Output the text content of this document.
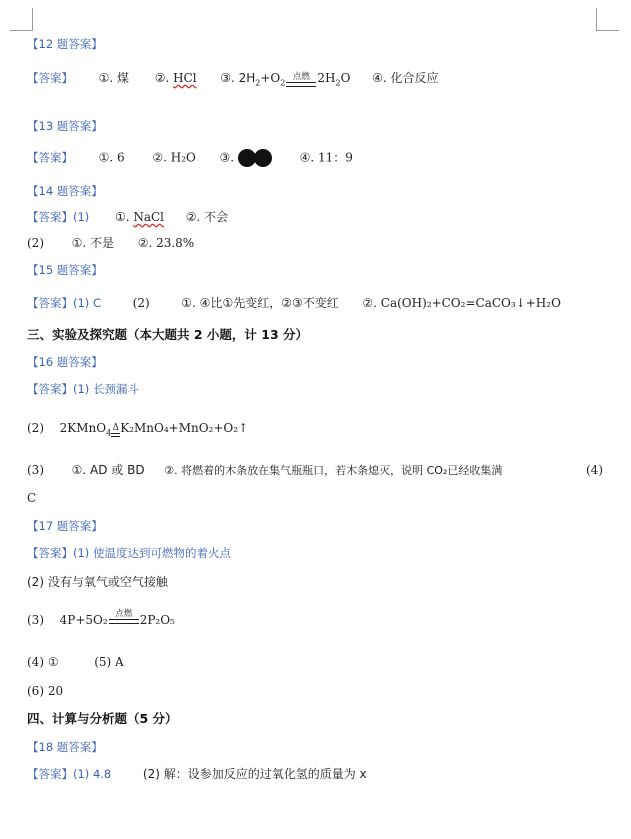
【12 题答案】
【答案】 ①. 煤 ②. HCl ③. $2H_2+O_2$
点燃 $2H_2O$ ④. 化合反应
【13 题答案】
【答案】 ①. 6 ②. H₂O ③.	④. 11：9
【14 题答案】
【答案】(1) ①. NaCl ②. 不会
(2) ①. 不是 ②. 23.8%
【15 题答案】
【答案】(1) C	(2)	①. ④比①先变红，②③不变红 ②. Ca(OH)₂+CO₂=CaCO₃↓+H₂O
三、实验及探究题（本大题共 2 小题，计 13 分）
【16 题答案】
【答案】(1) 长颈漏斗
(2) 2KMnO$_4$ Δ K₂MnO₄+MnO₂+O₂↑
(3) ①. AD 或 BD ②. 将燃着的木条放在集气瓶瓶口，若木条熄灭，说明 CO₂已经收集满	(4)
C
【17 题答案】
【答案】(1) 使温度达到可燃物的着火点
(2) 没有与氧气或空气接触
(3) 4P+5O₂ 点燃 2P₂O₅
(4) ①	(5) A
(6) 20
四、计算与分析题（5 分）
【18 题答案】
【答案】(1) 4.8	(2) 解：设参加反应的过氧化氢的质量为 x
